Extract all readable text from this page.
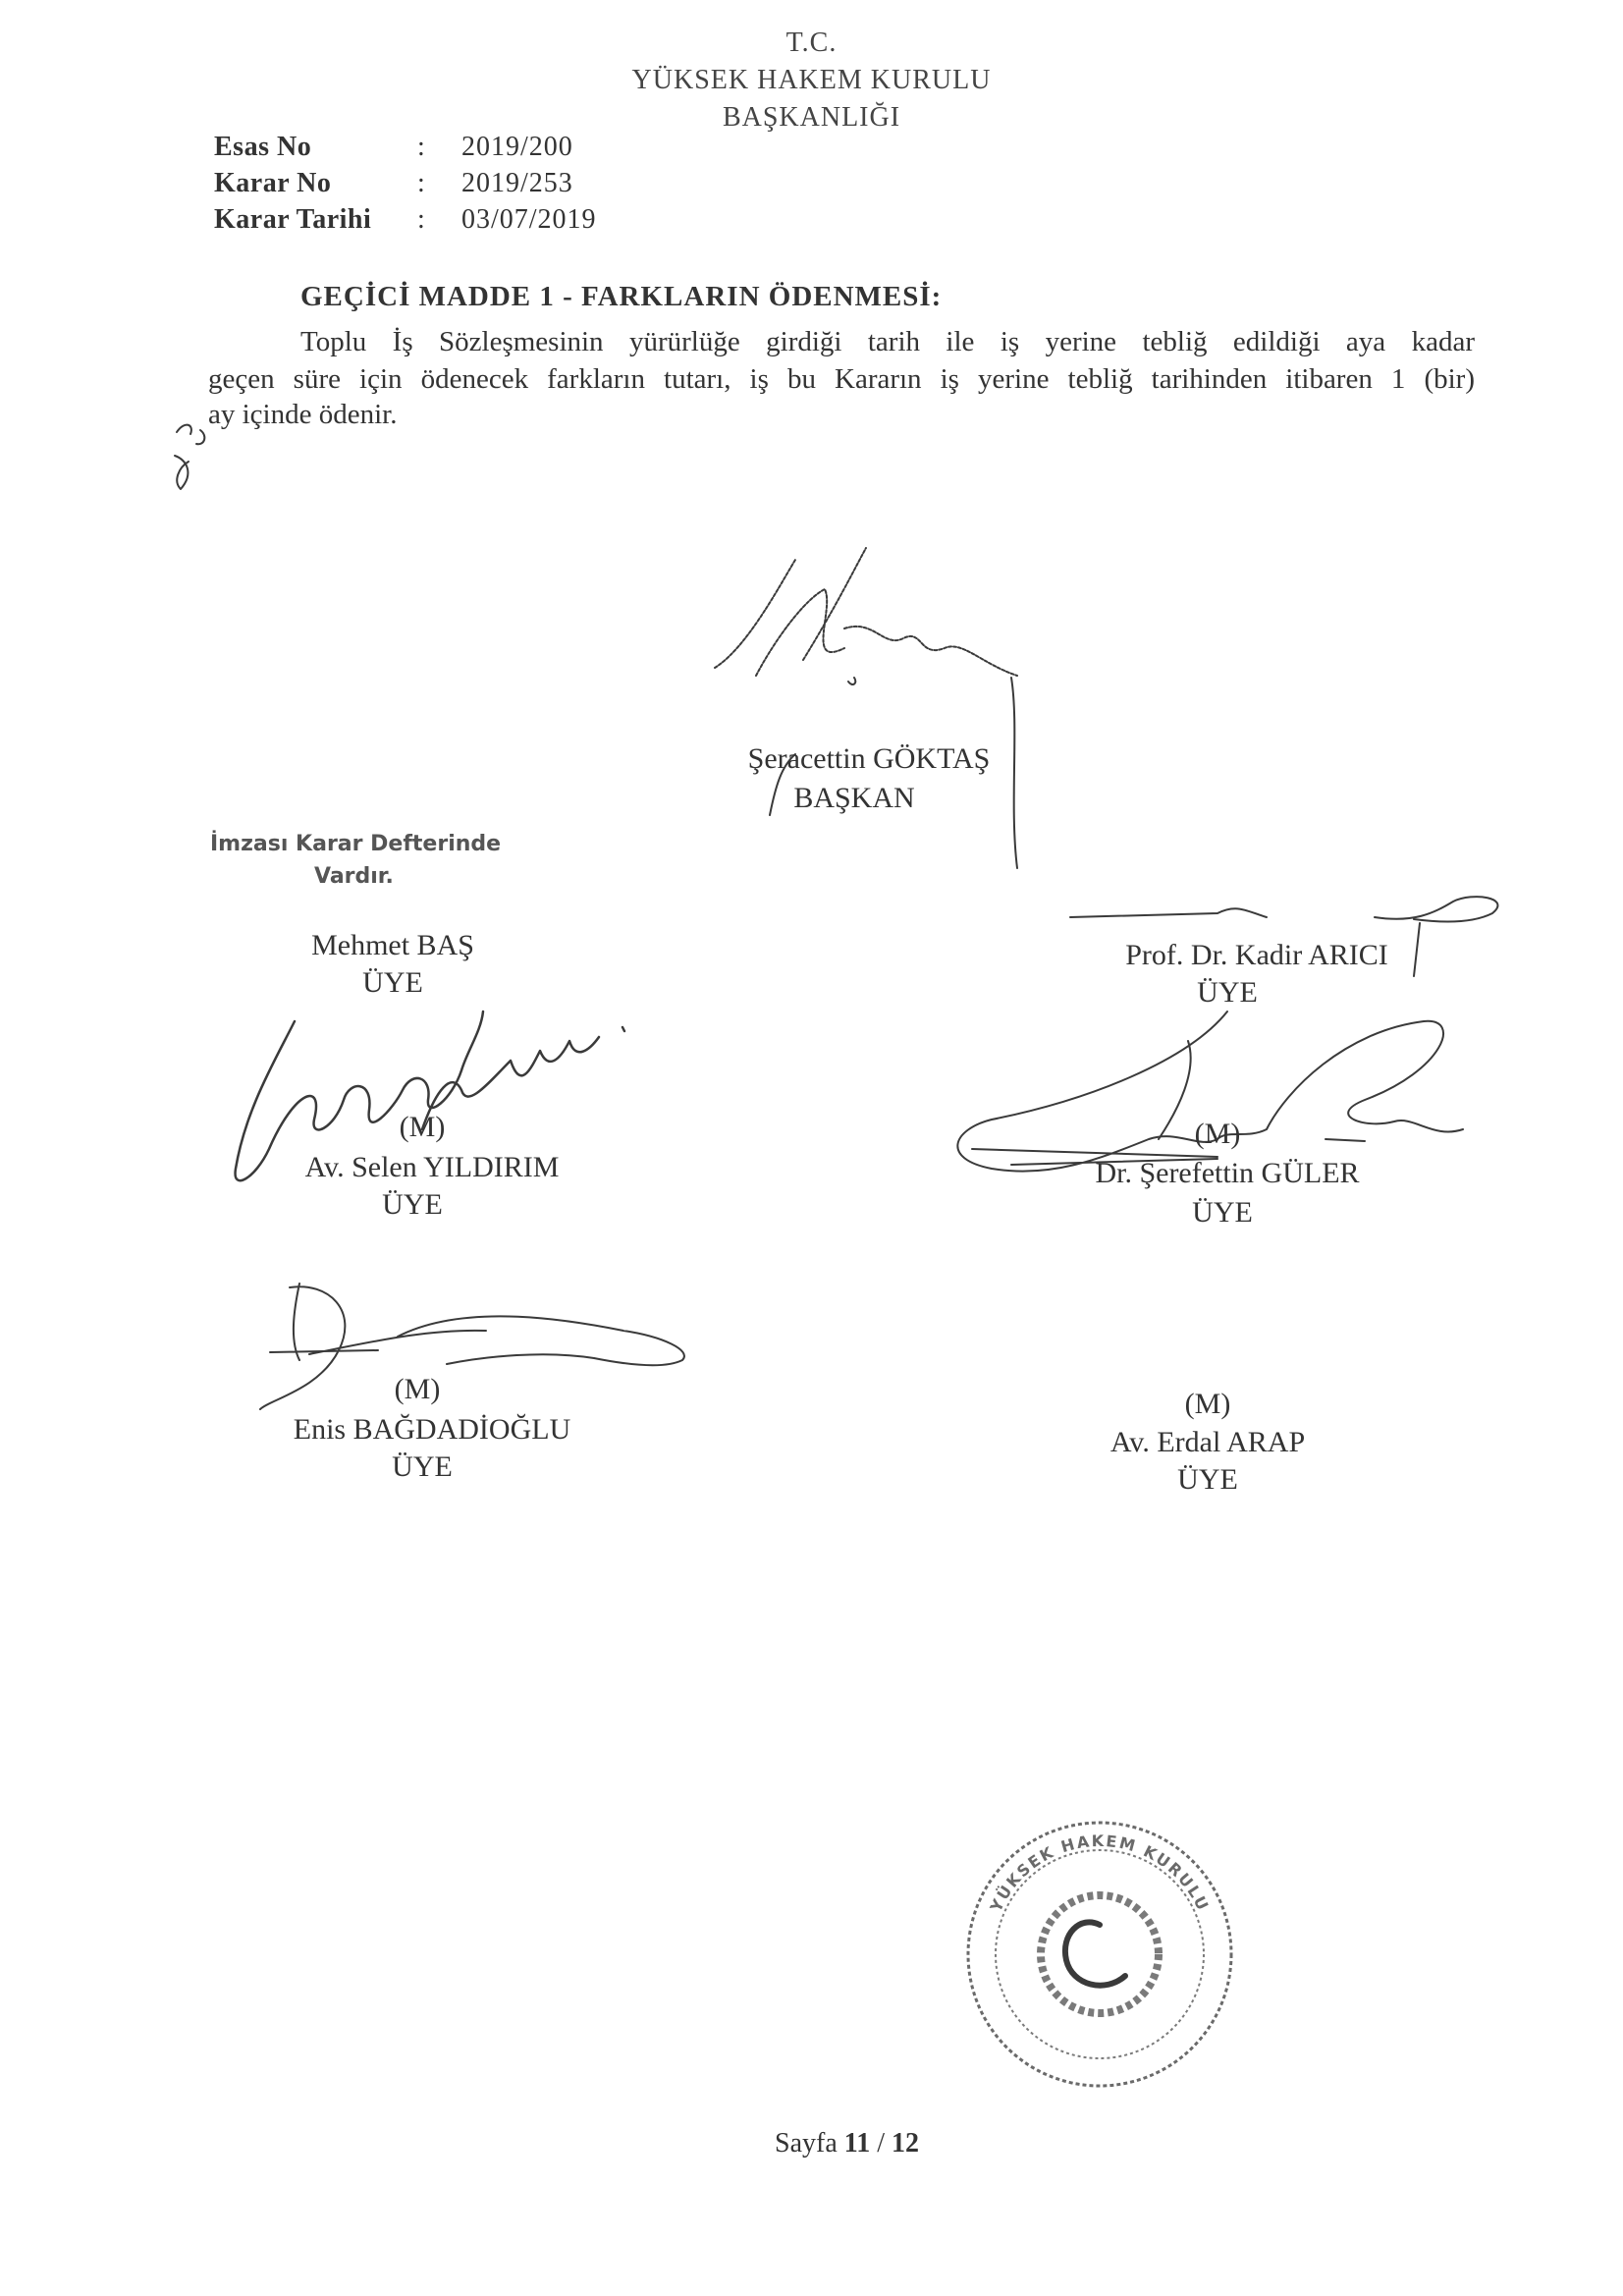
T.C.
YÜKSEK HAKEM KURULU
BAŞKANLIĞI
Esas No	: 2019/200
Karar No	: 2019/253
Karar Tarihi : 03/07/2019
GEÇİCİ MADDE 1 - FARKLARIN ÖDENMESİ:
Toplu İş Sözleşmesinin yürürlüğe girdiği tarih ile iş yerine tebliğ edildiği aya kadar
geçen süre için ödenecek farkların tutarı, iş bu Kararın iş yerine tebliğ tarihinden itibaren 1 (bir)
ay içinde ödenir.
Şeracettin GÖKTAŞ
BAŞKAN
İmzası Karar Defterinde
Vardır.
Mehmet BAŞ
ÜYE
Prof. Dr. Kadir ARICI
ÜYE
(M)
Av. Selen YILDIRIM
ÜYE
(M)
Dr. Şerefettin GÜLER
ÜYE
(M)
Enis BAĞDADİOĞLU
ÜYE
(M)
Av. Erdal ARAP
ÜYE
YÜKSEK HAKEM KURULU
Sayfa 11 / 12
